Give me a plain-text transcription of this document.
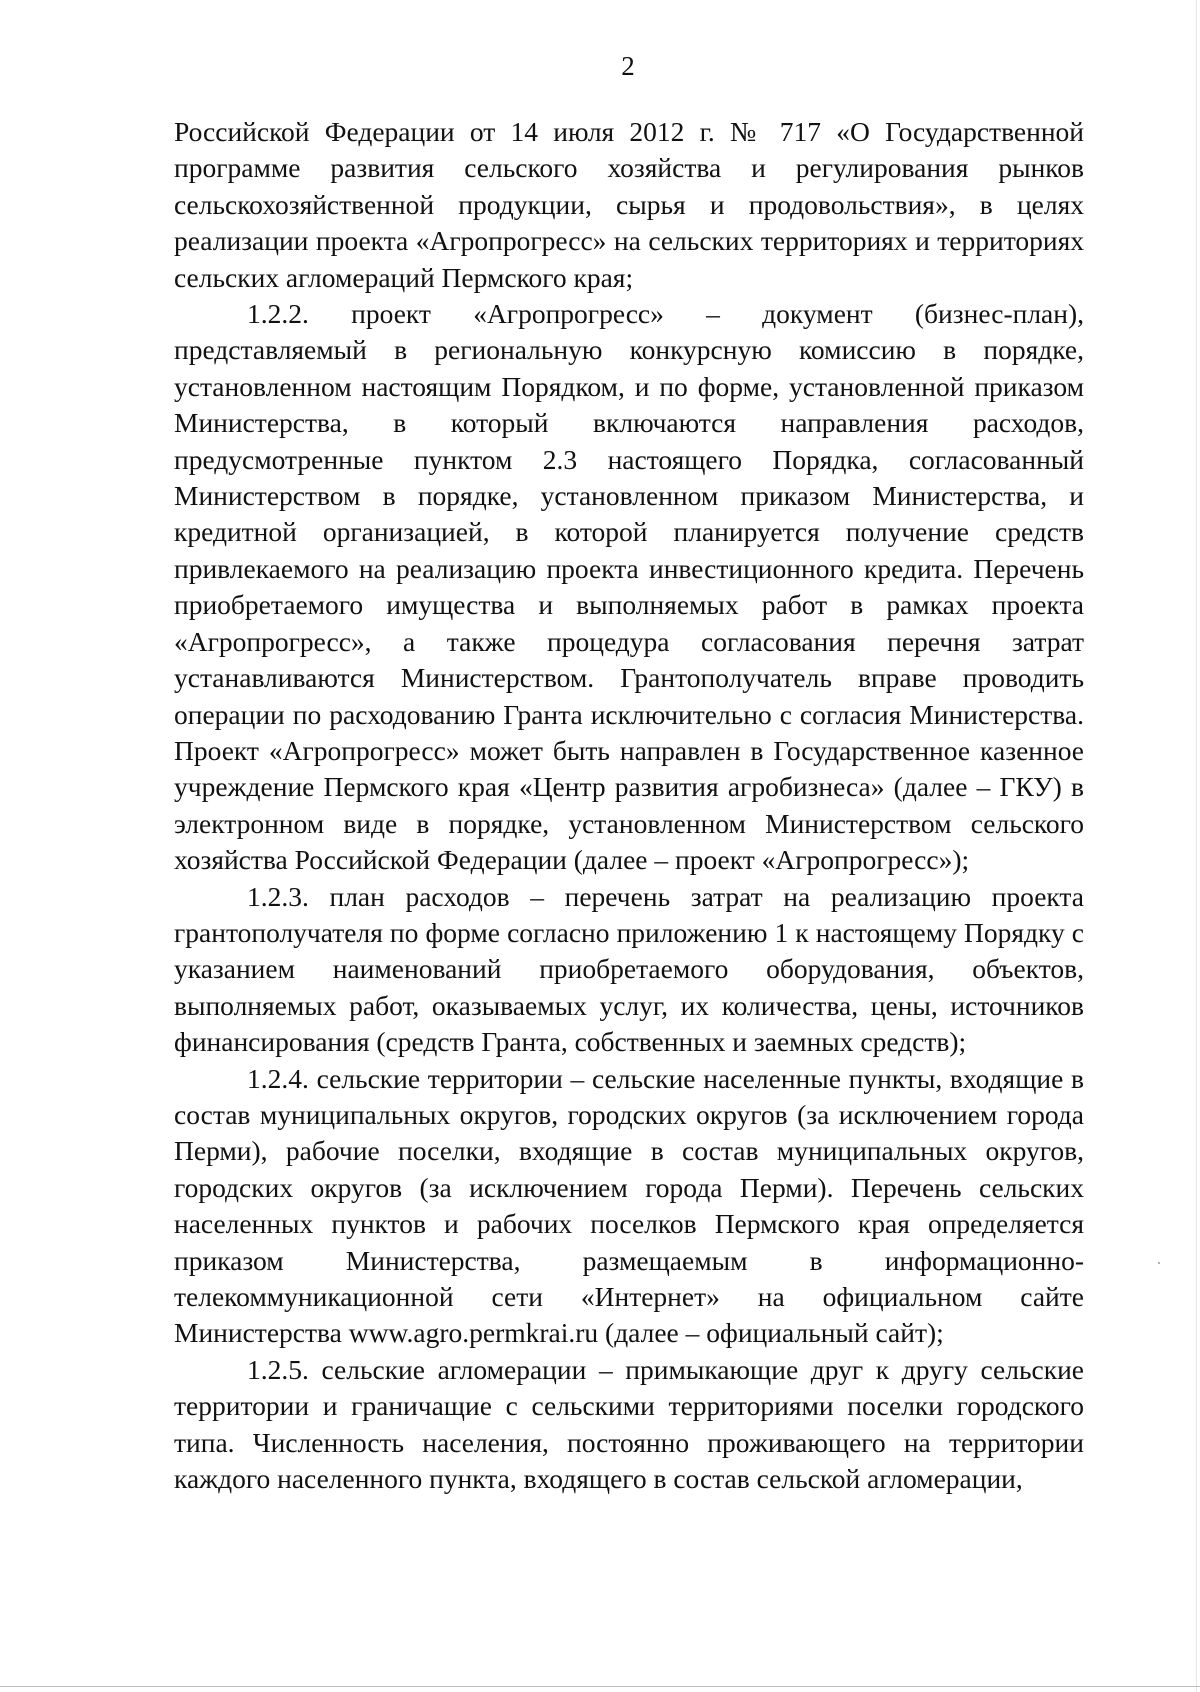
2

Российской Федерации от 14 июля 2012 г. № 717 «О Государственной программе развития сельского хозяйства и регулирования рынков сельскохозяйственной продукции, сырья и продовольствия», в целях реализации проекта «Агропрогресс» на сельских территориях и территориях сельских агломераций Пермского края;

1.2.2. проект «Агропрогресс» – документ (бизнес-план), представляемый в региональную конкурсную комиссию в порядке, установленном настоящим Порядком, и по форме, установленной приказом Министерства, в который включаются направления расходов, предусмотренные пунктом 2.3 настоящего Порядка, согласованный Министерством в порядке, установленном приказом Министерства, и кредитной организацией, в которой планируется получение средств привлекаемого на реализацию проекта инвестиционного кредита. Перечень приобретаемого имущества и выполняемых работ в рамках проекта «Агропрогресс», а также процедура согласования перечня затрат устанавливаются Министерством. Грантополучатель вправе проводить операции по расходованию Гранта исключительно с согласия Министерства. Проект «Агропрогресс» может быть направлен в Государственное казенное учреждение Пермского края «Центр развития агробизнеса» (далее – ГКУ) в электронном виде в порядке, установленном Министерством сельского хозяйства Российской Федерации (далее – проект «Агропрогресс»);

1.2.3. план расходов – перечень затрат на реализацию проекта грантополучателя по форме согласно приложению 1 к настоящему Порядку с указанием наименований приобретаемого оборудования, объектов, выполняемых работ, оказываемых услуг, их количества, цены, источников финансирования (средств Гранта, собственных и заемных средств);

1.2.4. сельские территории – сельские населенные пункты, входящие в состав муниципальных округов, городских округов (за исключением города Перми), рабочие поселки, входящие в состав муниципальных округов, городских округов (за исключением города Перми). Перечень сельских населенных пунктов и рабочих поселков Пермского края определяется приказом Министерства, размещаемым в информационно-телекоммуникационной сети «Интернет» на официальном сайте Министерства www.agro.permkrai.ru (далее – официальный сайт);

1.2.5. сельские агломерации – примыкающие друг к другу сельские территории и граничащие с сельскими территориями поселки городского типа. Численность населения, постоянно проживающего на территории каждого населенного пункта, входящего в состав сельской агломерации,
